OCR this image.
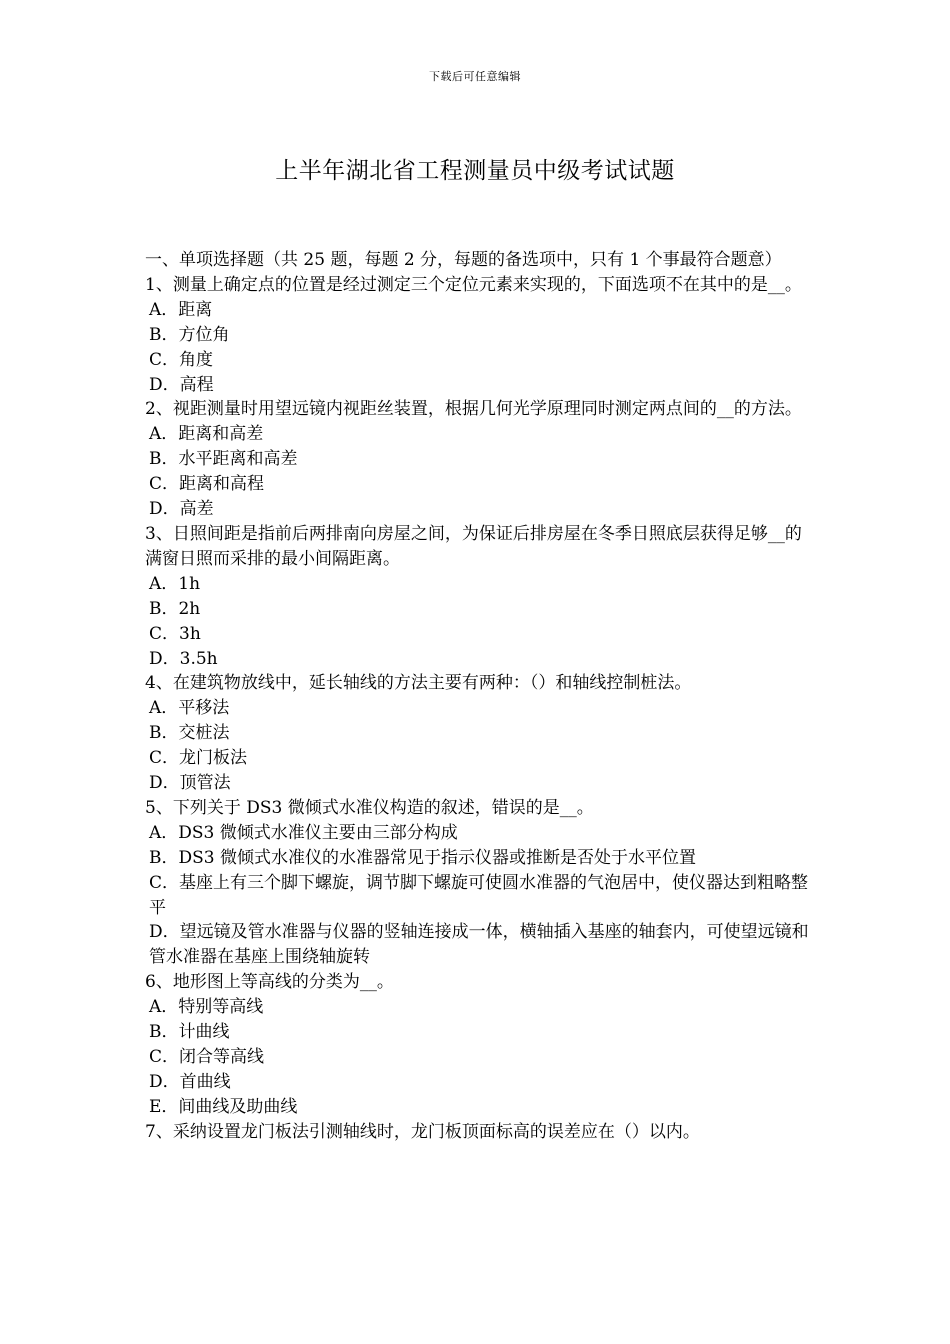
下载后可任意编辑
上半年湖北省工程测量员中级考试试题
一、单项选择题（共 25 题，每题 2 分，每题的备选项中，只有 1 个事最符合题意）
1、测量上确定点的位置是经过测定三个定位元素来实现的，下面选项不在其中的是__。
A．距离
B．方位角
C．角度
D．高程
2、视距测量时用望远镜内视距丝装置，根据几何光学原理同时测定两点间的__的方法。
A．距离和高差
B．水平距离和高差
C．距离和高程
D．高差
3、日照间距是指前后两排南向房屋之间，为保证后排房屋在冬季日照底层获得足够__的满窗日照而采排的最小间隔距离。
A．1h
B．2h
C．3h
D．3.5h
4、在建筑物放线中，延长轴线的方法主要有两种：（）和轴线控制桩法。
A．平移法
B．交桩法
C．龙门板法
D．顶管法
5、下列关于 DS3 微倾式水准仪构造的叙述，错误的是__。
A．DS3 微倾式水准仪主要由三部分构成
B．DS3 微倾式水准仪的水准器常见于指示仪器或推断是否处于水平位置
C．基座上有三个脚下螺旋，调节脚下螺旋可使圆水准器的气泡居中，使仪器达到粗略整平
D．望远镜及管水准器与仪器的竖轴连接成一体，横轴插入基座的轴套内，可使望远镜和管水准器在基座上围绕轴旋转
6、地形图上等高线的分类为__。
A．特别等高线
B．计曲线
C．闭合等高线
D．首曲线
E．间曲线及助曲线
7、采纳设置龙门板法引测轴线时，龙门板顶面标高的误差应在（）以内。
